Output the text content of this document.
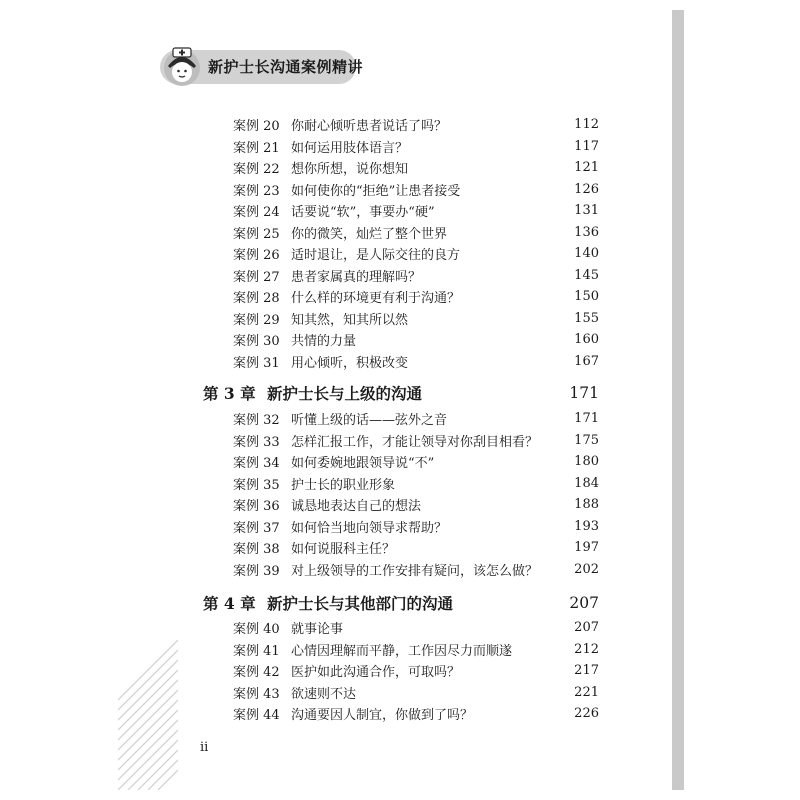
新护士长沟通案例精讲
案例 20 你耐心倾听患者说话了吗？	112
案例 21 如何运用肢体语言？	117
案例 22 想你所想，说你想知	121
案例 23 如何使你的“拒绝”让患者接受	126
案例 24 话要说“软”，事要办“硬”	131
案例 25 你的微笑，灿烂了整个世界	136
案例 26 适时退让，是人际交往的良方	140
案例 27 患者家属真的理解吗？	145
案例 28 什么样的环境更有利于沟通？	150
案例 29 知其然，知其所以然	155
案例 30 共情的力量	160
案例 31 用心倾听，积极改变	167
第 3 章 新护士长与上级的沟通	171
案例 32 听懂上级的话——弦外之音	171
案例 33 怎样汇报工作，才能让领导对你刮目相看？	175
案例 34 如何委婉地跟领导说“不”	180
案例 35 护士长的职业形象	184
案例 36 诚恳地表达自己的想法	188
案例 37 如何恰当地向领导求帮助？	193
案例 38 如何说服科主任？	197
案例 39 对上级领导的工作安排有疑问，该怎么做？	202
第 4 章 新护士长与其他部门的沟通	207
案例 40 就事论事	207
案例 41 心情因理解而平静，工作因尽力而顺遂	212
案例 42 医护如此沟通合作，可取吗？	217
案例 43 欲速则不达	221
案例 44 沟通要因人制宜，你做到了吗？	226
ii
